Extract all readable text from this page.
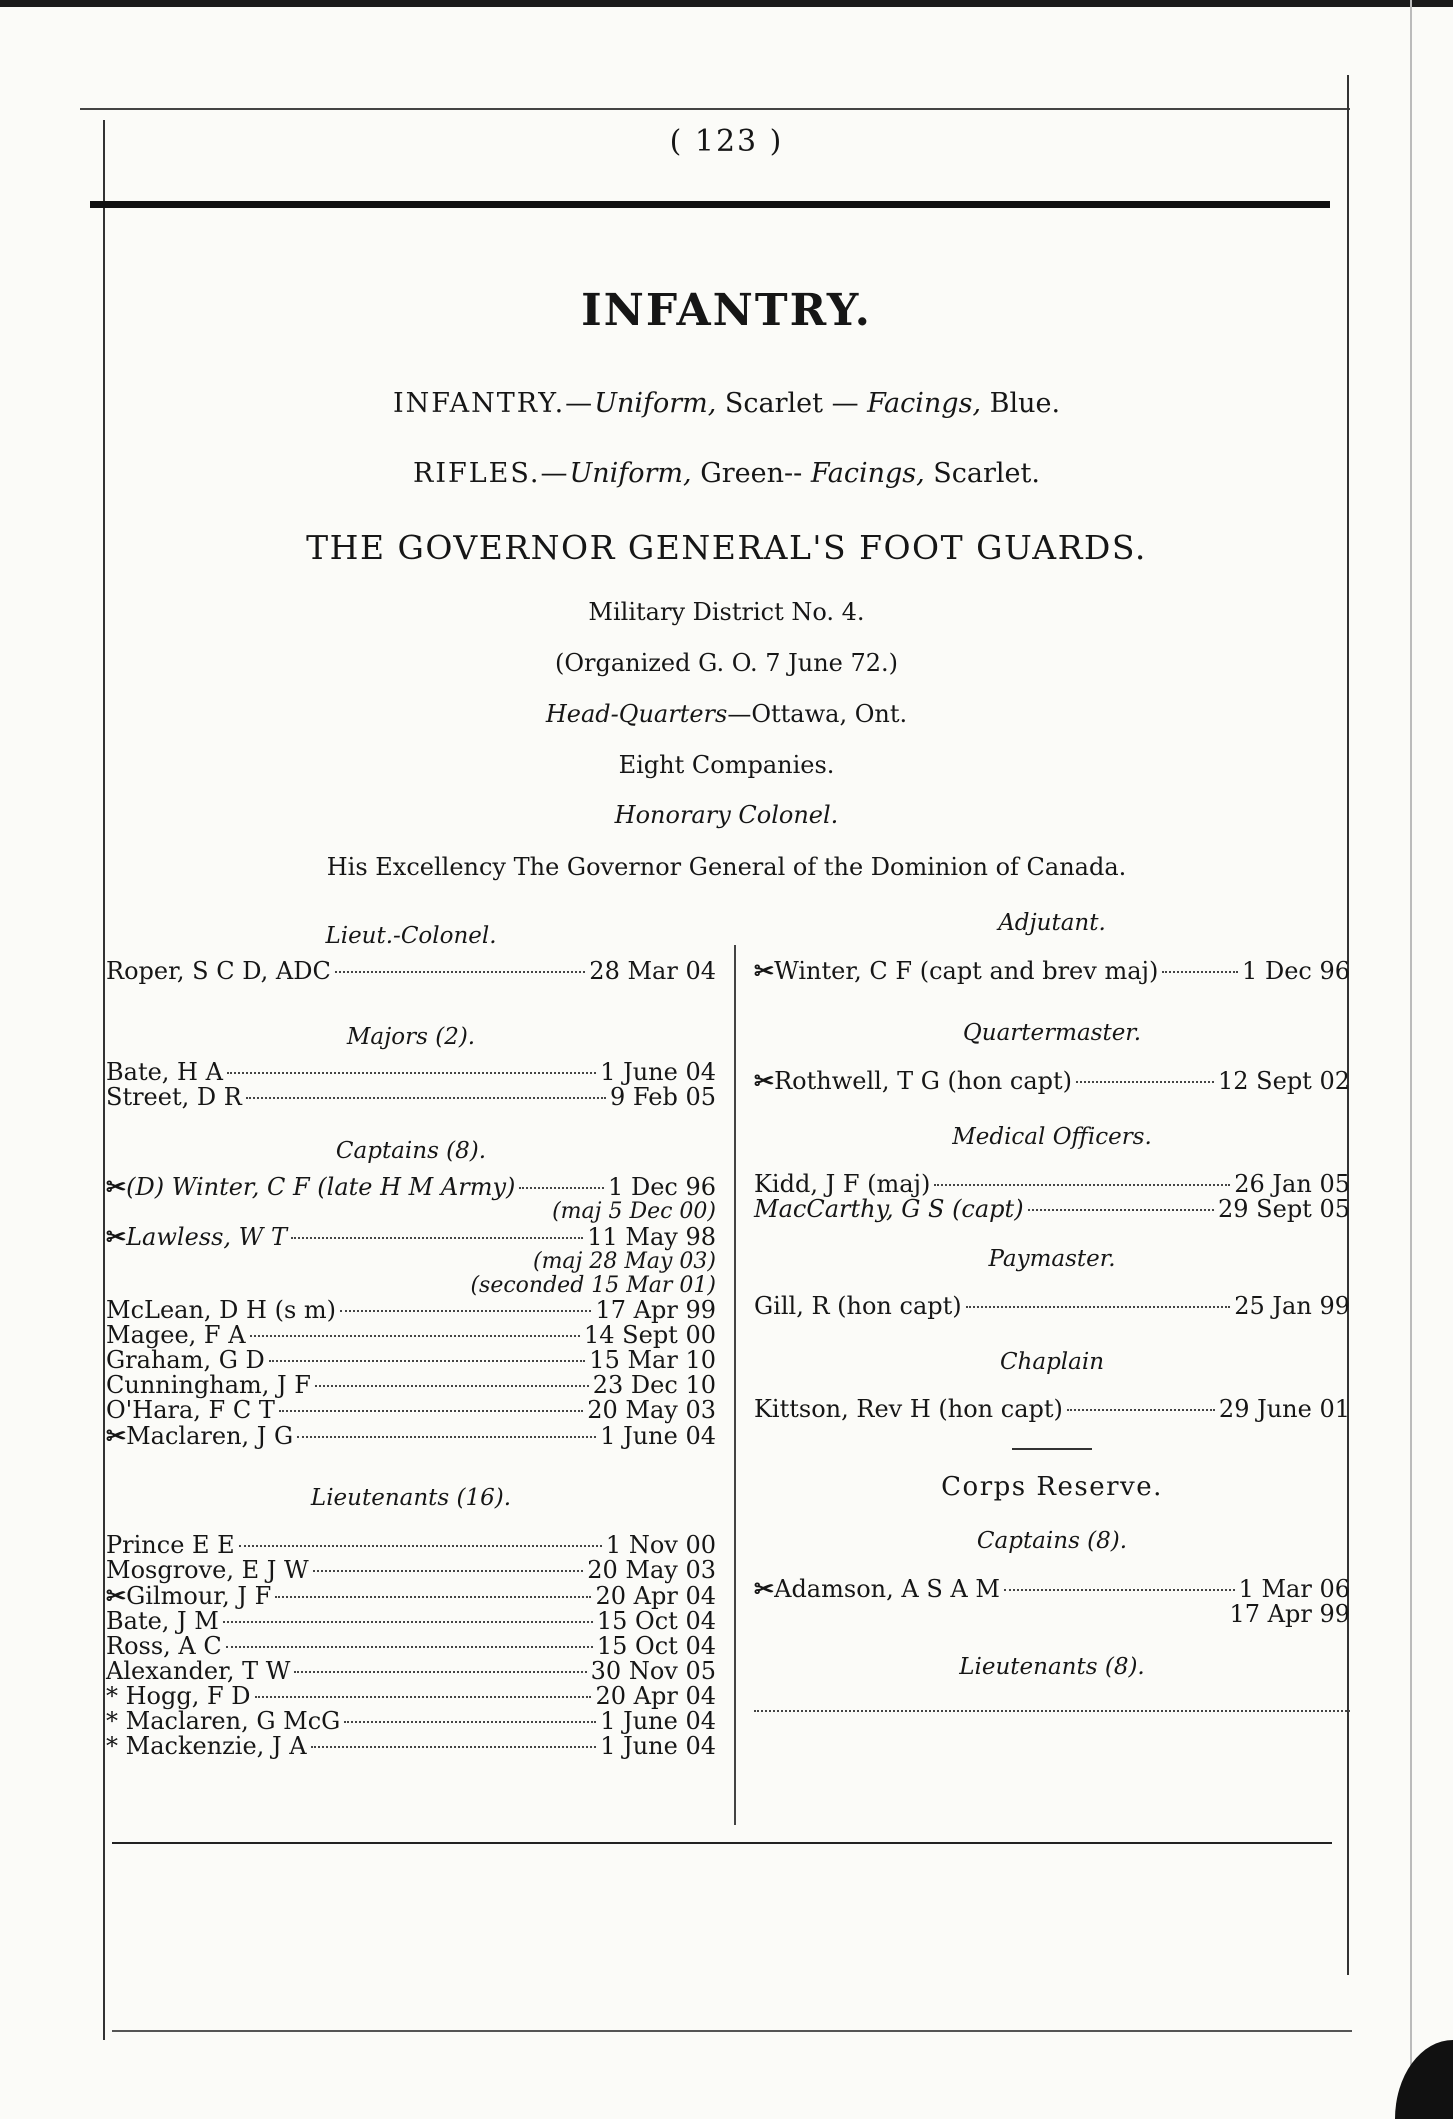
( 123 )
INFANTRY.
INFANTRY.—Uniform, Scarlet — Facings, Blue.
RIFLES.—Uniform, Green-- Facings, Scarlet.
THE GOVERNOR GENERAL'S FOOT GUARDS.
Military District No. 4.
(Organized G. O. 7 June 72.)
Head-Quarters—Ottawa, Ont.
Eight Companies.
Honorary Colonel.
His Excellency The Governor General of the Dominion of Canada.
Lieut.-Colonel.
Roper, S C D, ADC	28 Mar 04
Majors (2).
Bate, H A	1 June 04
Street, D R	9 Feb 05
Captains (8).
✂ (D) Winter, C F (late H M Army)	1 Dec 96
(maj 5 Dec 00)
✂ Lawless, W T	11 May 98
(maj 28 May 03)
(seconded 15 Mar 01)
McLean, D H (s m)	17 Apr 99
Magee, F A	14 Sept 00
Graham, G D	15 Mar 10
Cunningham, J F	23 Dec 10
O'Hara, F C T	20 May 03
✂ Maclaren, J G	1 June 04
Lieutenants (16).
Prince E E	1 Nov 00
Mosgrove, E J W	20 May 03
✂ Gilmour, J F	20 Apr 04
Bate, J M	15 Oct 04
Ross, A C	15 Oct 04
Alexander, T W	30 Nov 05
* Hogg, F D	20 Apr 04
* Maclaren, G McG	1 June 04
* Mackenzie, J A	1 June 04
Adjutant.
✂ Winter, C F (capt and brev maj)	1 Dec 96
Quartermaster.
✂ Rothwell, T G (hon capt)	12 Sept 02
Medical Officers.
Kidd, J F (maj)	26 Jan 05
MacCarthy, G S (capt)	29 Sept 05
Paymaster.
Gill, R (hon capt)	25 Jan 99
Chaplain
Kittson, Rev H (hon capt)	29 June 01
Corps Reserve.
Captains (8).
✂ Adamson, A S A M	1 Mar 06
17 Apr 99
Lieutenants (8).
